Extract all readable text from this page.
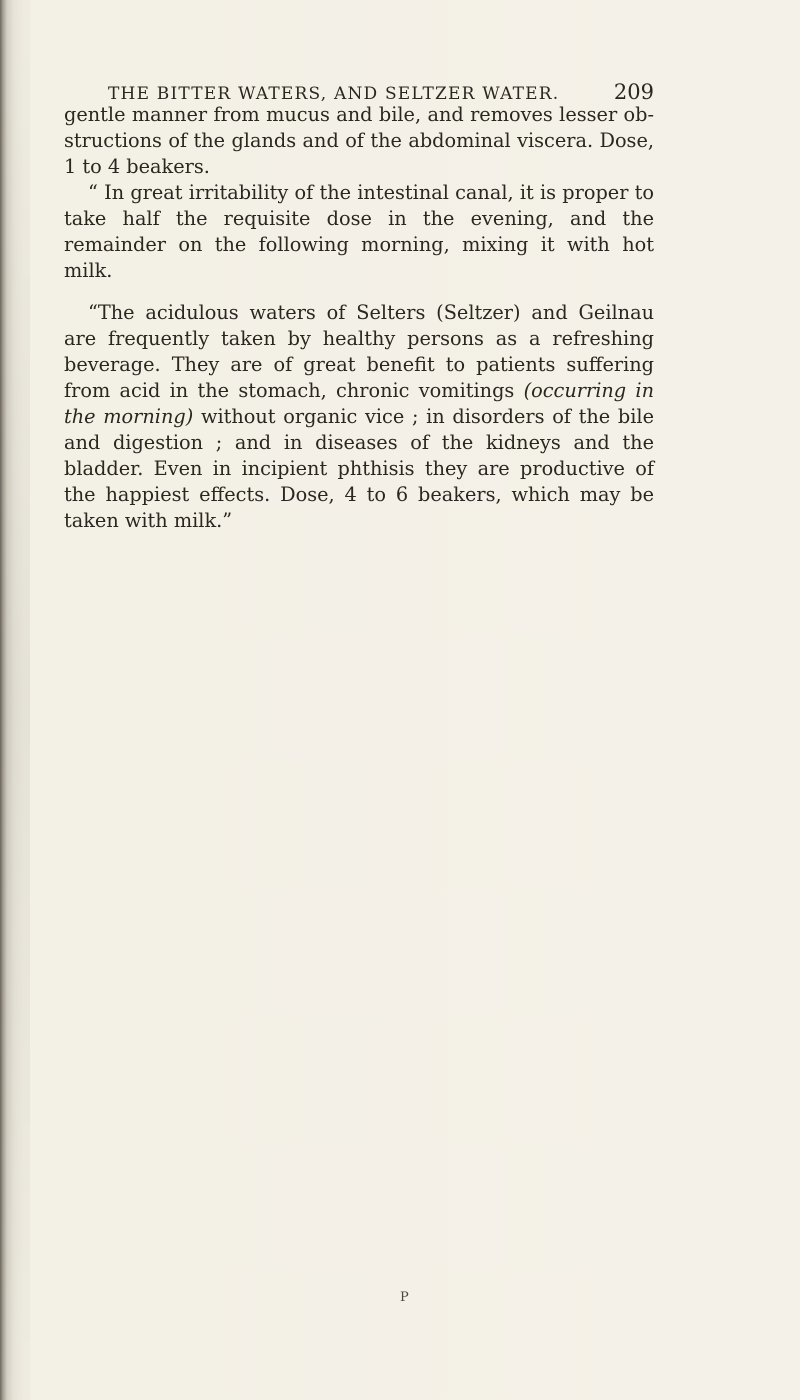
THE BITTER WATERS, AND SELTZER WATER.	209

gentle manner from mucus and bile, and removes lesser ob-structions of the glands and of the abdominal viscera. Dose, 1 to 4 beakers.

“ In great irritability of the intestinal canal, it is proper to take half the requisite dose in the evening, and the remainder on the following morning, mixing it with hot milk.

“The acidulous waters of Selters (Seltzer) and Geilnau are frequently taken by healthy persons as a refreshing beverage. They are of great benefit to patients suffering from acid in the stomach, chronic vomitings (occurring in the morning) without organic vice ; in disorders of the bile and digestion ; and in diseases of the kidneys and the bladder. Even in incipient phthisis they are productive of the happiest effects. Dose, 4 to 6 beakers, which may be taken with milk.”

P
